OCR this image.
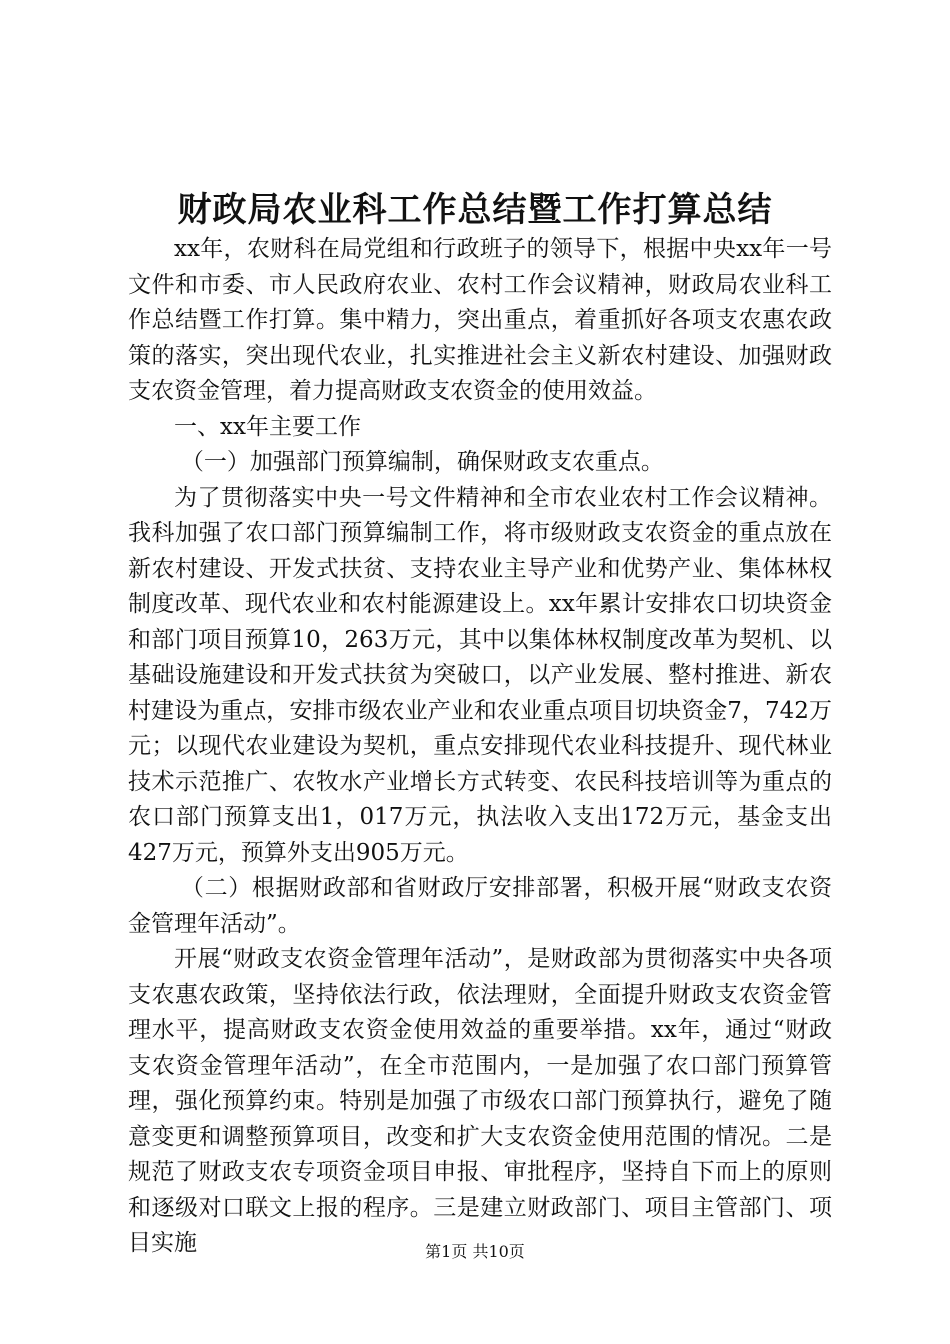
财政局农业科工作总结暨工作打算总结

xx年，农财科在局党组和行政班子的领导下，根据中央xx年一号文件和市委、市人民政府农业、农村工作会议精神，财政局农业科工作总结暨工作打算。集中精力，突出重点，着重抓好各项支农惠农政策的落实，突出现代农业，扎实推进社会主义新农村建设、加强财政支农资金管理，着力提高财政支农资金的使用效益。

一、xx年主要工作

（一）加强部门预算编制，确保财政支农重点。

为了贯彻落实中央一号文件精神和全市农业农村工作会议精神。我科加强了农口部门预算编制工作，将市级财政支农资金的重点放在新农村建设、开发式扶贫、支持农业主导产业和优势产业、集体林权制度改革、现代农业和农村能源建设上。xx年累计安排农口切块资金和部门项目预算10，263万元，其中以集体林权制度改革为契机、以基础设施建设和开发式扶贫为突破口，以产业发展、整村推进、新农村建设为重点，安排市级农业产业和农业重点项目切块资金7，742万元；以现代农业建设为契机，重点安排现代农业科技提升、现代林业技术示范推广、农牧水产业增长方式转变、农民科技培训等为重点的农口部门预算支出1，017万元，执法收入支出172万元，基金支出427万元，预算外支出905万元。

（二）根据财政部和省财政厅安排部署，积极开展“财政支农资金管理年活动”。

开展“财政支农资金管理年活动”，是财政部为贯彻落实中央各项支农惠农政策，坚持依法行政，依法理财，全面提升财政支农资金管理水平，提高财政支农资金使用效益的重要举措。xx年，通过“财政支农资金管理年活动”，在全市范围内，一是加强了农口部门预算管理，强化预算约束。特别是加强了市级农口部门预算执行，避免了随意变更和调整预算项目，改变和扩大支农资金使用范围的情况。二是规范了财政支农专项资金项目申报、审批程序，坚持自下而上的原则和逐级对口联文上报的程序。三是建立财政部门、项目主管部门、项目实施	第1页 共10页
